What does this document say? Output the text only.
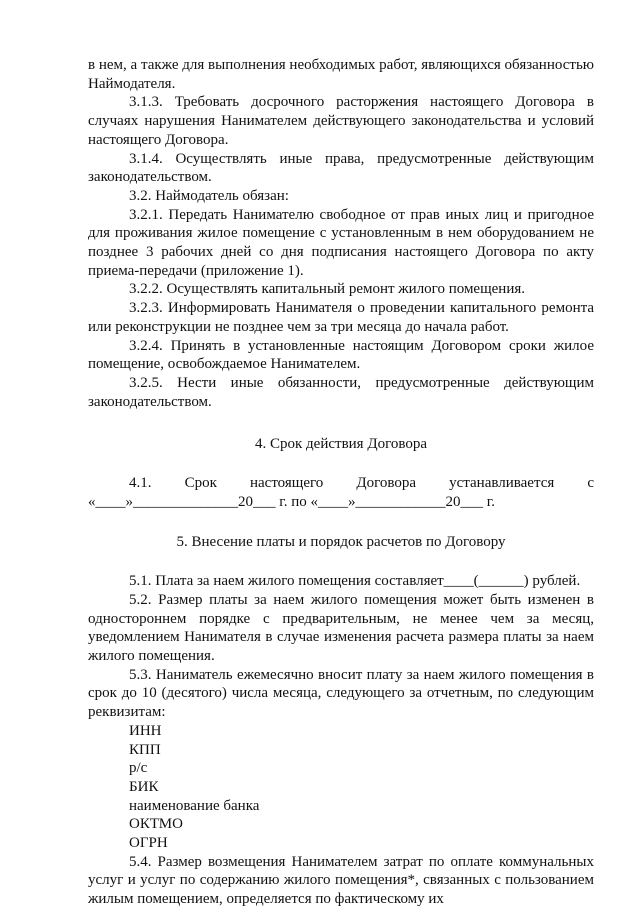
в нем, а также для выполнения необходимых работ, являющихся обязанностью Наймодателя.

3.1.3. Требовать досрочного расторжения настоящего Договора в случаях нарушения Нанимателем действующего законодательства и условий настоящего Договора.

3.1.4. Осуществлять иные права, предусмотренные действующим законодательством.

3.2. Наймодатель обязан:

3.2.1. Передать Нанимателю свободное от прав иных лиц и пригодное для проживания жилое помещение с установленным в нем оборудованием не позднее 3 рабочих дней со дня подписания настоящего Договора по акту приема-передачи (приложение 1).

3.2.2. Осуществлять капитальный ремонт жилого помещения.

3.2.3. Информировать Нанимателя о проведении капитального ремонта или реконструкции не позднее чем за три месяца до начала работ.

3.2.4. Принять в установленные настоящим Договором сроки жилое помещение, освобождаемое Нанимателем.

3.2.5. Нести иные обязанности, предусмотренные действующим законодательством.

4. Срок действия Договора

4.1. Срок настоящего Договора устанавливается с

«____»______________20___ г. по «____»____________20___ г.

5. Внесение платы и порядок расчетов по Договору

5.1. Плата за наем жилого помещения составляет____(______) рублей.

5.2. Размер платы за наем жилого помещения может быть изменен в одностороннем порядке с предварительным, не менее чем за месяц, уведомлением Нанимателя в случае изменения расчета размера платы за наем жилого помещения.

5.3. Наниматель ежемесячно вносит плату за наем жилого помещения в срок до 10 (десятого) числа месяца, следующего за отчетным, по следующим реквизитам:

ИНН

КПП

р/с

БИК

наименование банка

ОКТМО

ОГРН

5.4. Размер возмещения Нанимателем затрат по оплате коммунальных услуг и услуг по содержанию жилого помещения*, связанных с пользованием жилым помещением, определяется по фактическому их
